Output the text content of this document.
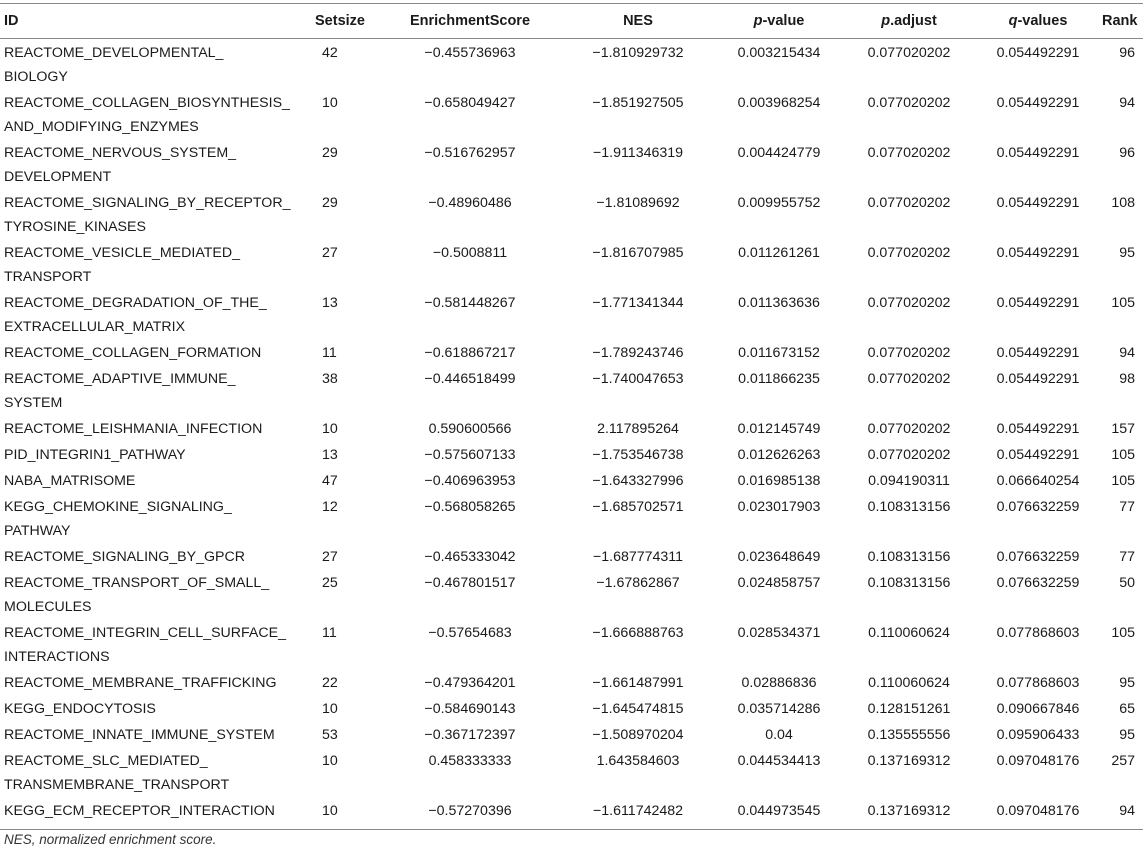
ID	Setsize	EnrichmentScore	NES	p-value	p.adjust	q-values	Rank

REACTOME_DEVELOPMENTAL_
BIOLOGY	42	−0.455736963	−1.810929732	0.003215434	0.077020202	0.054492291	96

REACTOME_COLLAGEN_BIOSYNTHESIS_
AND_MODIFYING_ENZYMES	10	−0.658049427	−1.851927505	0.003968254	0.077020202	0.054492291	94

REACTOME_NERVOUS_SYSTEM_
DEVELOPMENT	29	−0.516762957	−1.911346319	0.004424779	0.077020202	0.054492291	96

REACTOME_SIGNALING_BY_RECEPTOR_
TYROSINE_KINASES	29	−0.48960486	−1.81089692	0.009955752	0.077020202	0.054492291	108

REACTOME_VESICLE_MEDIATED_
TRANSPORT	27	−0.5008811	−1.816707985	0.011261261	0.077020202	0.054492291	95

REACTOME_DEGRADATION_OF_THE_
EXTRACELLULAR_MATRIX	13	−0.581448267	−1.771341344	0.011363636	0.077020202	0.054492291	105

REACTOME_COLLAGEN_FORMATION	11	−0.618867217	−1.789243746	0.011673152	0.077020202	0.054492291	94

REACTOME_ADAPTIVE_IMMUNE_
SYSTEM	38	−0.446518499	−1.740047653	0.011866235	0.077020202	0.054492291	98

REACTOME_LEISHMANIA_INFECTION	10	0.590600566	2.117895264	0.012145749	0.077020202	0.054492291	157

PID_INTEGRIN1_PATHWAY	13	−0.575607133	−1.753546738	0.012626263	0.077020202	0.054492291	105

NABA_MATRISOME	47	−0.406963953	−1.643327996	0.016985138	0.094190311	0.066640254	105

KEGG_CHEMOKINE_SIGNALING_
PATHWAY	12	−0.568058265	−1.685702571	0.023017903	0.108313156	0.076632259	77

REACTOME_SIGNALING_BY_GPCR	27	−0.465333042	−1.687774311	0.023648649	0.108313156	0.076632259	77

REACTOME_TRANSPORT_OF_SMALL_
MOLECULES	25	−0.467801517	−1.67862867	0.024858757	0.108313156	0.076632259	50

REACTOME_INTEGRIN_CELL_SURFACE_
INTERACTIONS	11	−0.57654683	−1.666888763	0.028534371	0.110060624	0.077868603	105

REACTOME_MEMBRANE_TRAFFICKING	22	−0.479364201	−1.661487991	0.02886836	0.110060624	0.077868603	95

KEGG_ENDOCYTOSIS	10	−0.584690143	−1.645474815	0.035714286	0.128151261	0.090667846	65

REACTOME_INNATE_IMMUNE_SYSTEM	53	−0.367172397	−1.508970204	0.04	0.135555556	0.095906433	95

REACTOME_SLC_MEDIATED_
TRANSMEMBRANE_TRANSPORT	10	0.458333333	1.643584603	0.044534413	0.137169312	0.097048176	257

KEGG_ECM_RECEPTOR_INTERACTION	10	−0.57270396	−1.611742482	0.044973545	0.137169312	0.097048176	94
NES, normalized enrichment score.
